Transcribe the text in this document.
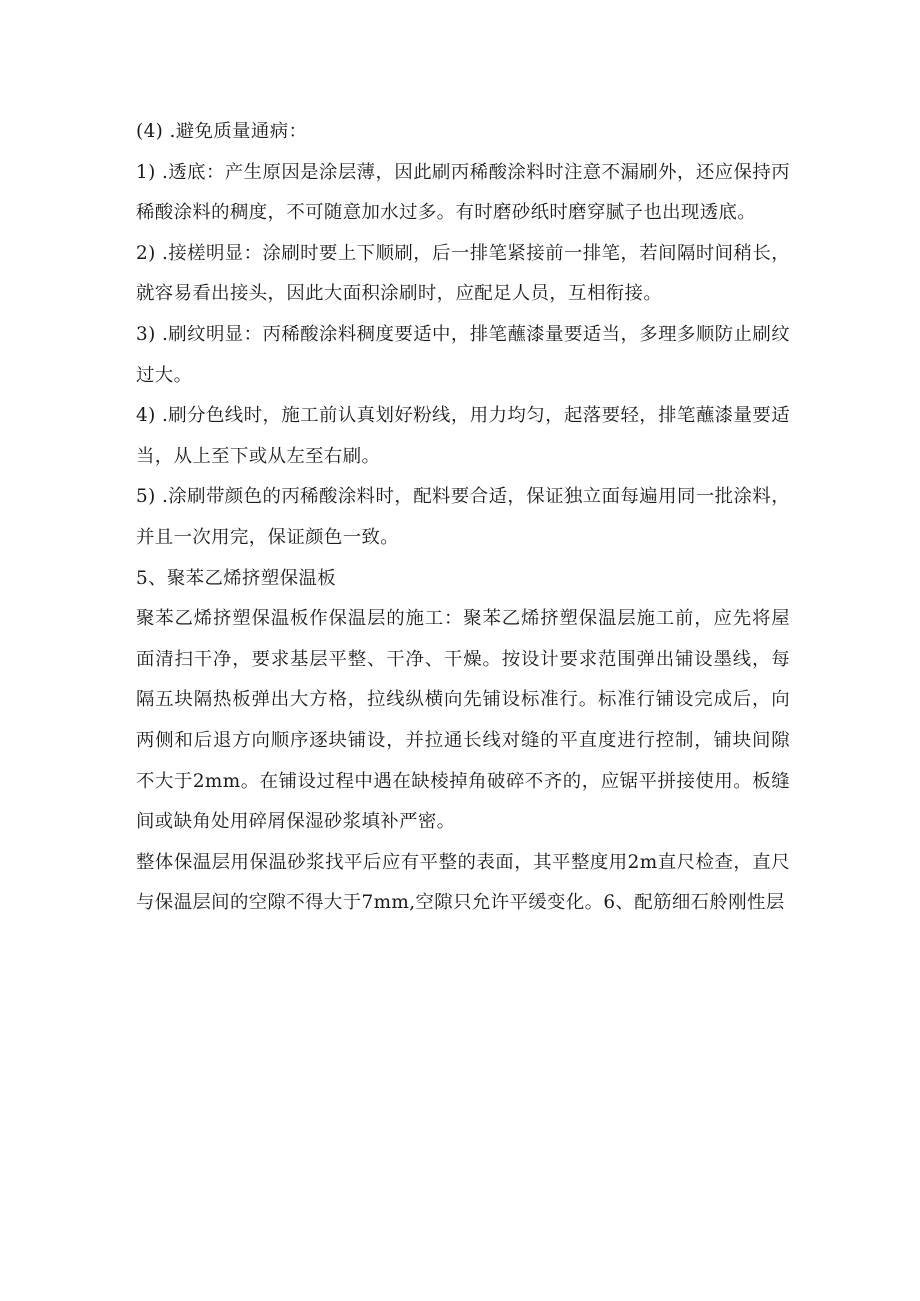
(4) .避免质量通病：

1) .透底：产生原因是涂层薄，因此刷丙稀酸涂料时注意不漏刷外，还应保持丙稀酸涂料的稠度，不可随意加水过多。有时磨砂纸时磨穿腻子也出现透底。

2) .接槎明显：涂刷时要上下顺刷，后一排笔紧接前一排笔，若间隔时间稍长，就容易看出接头，因此大面积涂刷时，应配足人员，互相衔接。

3) .刷纹明显：丙稀酸涂料稠度要适中，排笔蘸漆量要适当，多理多顺防止刷纹过大。

4) .刷分色线时，施工前认真划好粉线，用力均匀，起落要轻，排笔蘸漆量要适当，从上至下或从左至右刷。

5) .涂刷带颜色的丙稀酸涂料时，配料要合适，保证独立面每遍用同一批涂料，并且一次用完，保证颜色一致。

5、聚苯乙烯挤塑保温板

聚苯乙烯挤塑保温板作保温层的施工：聚苯乙烯挤塑保温层施工前，应先将屋面清扫干净，要求基层平整、干净、干燥。按设计要求范围弹出铺设墨线，每隔五块隔热板弹出大方格，拉线纵横向先铺设标准行。标准行铺设完成后，向两侧和后退方向顺序逐块铺设，并拉通长线对缝的平直度进行控制，铺块间隙不大于2mm。在铺设过程中遇在缺棱掉角破碎不齐的，应锯平拼接使用。板缝间或缺角处用碎屑保湿砂浆填补严密。

整体保温层用保温砂浆找平后应有平整的表面，其平整度用2m直尺检查，直尺与保温层间的空隙不得大于7mm,空隙只允许平缓变化。6、配筋细石舲刚性层
